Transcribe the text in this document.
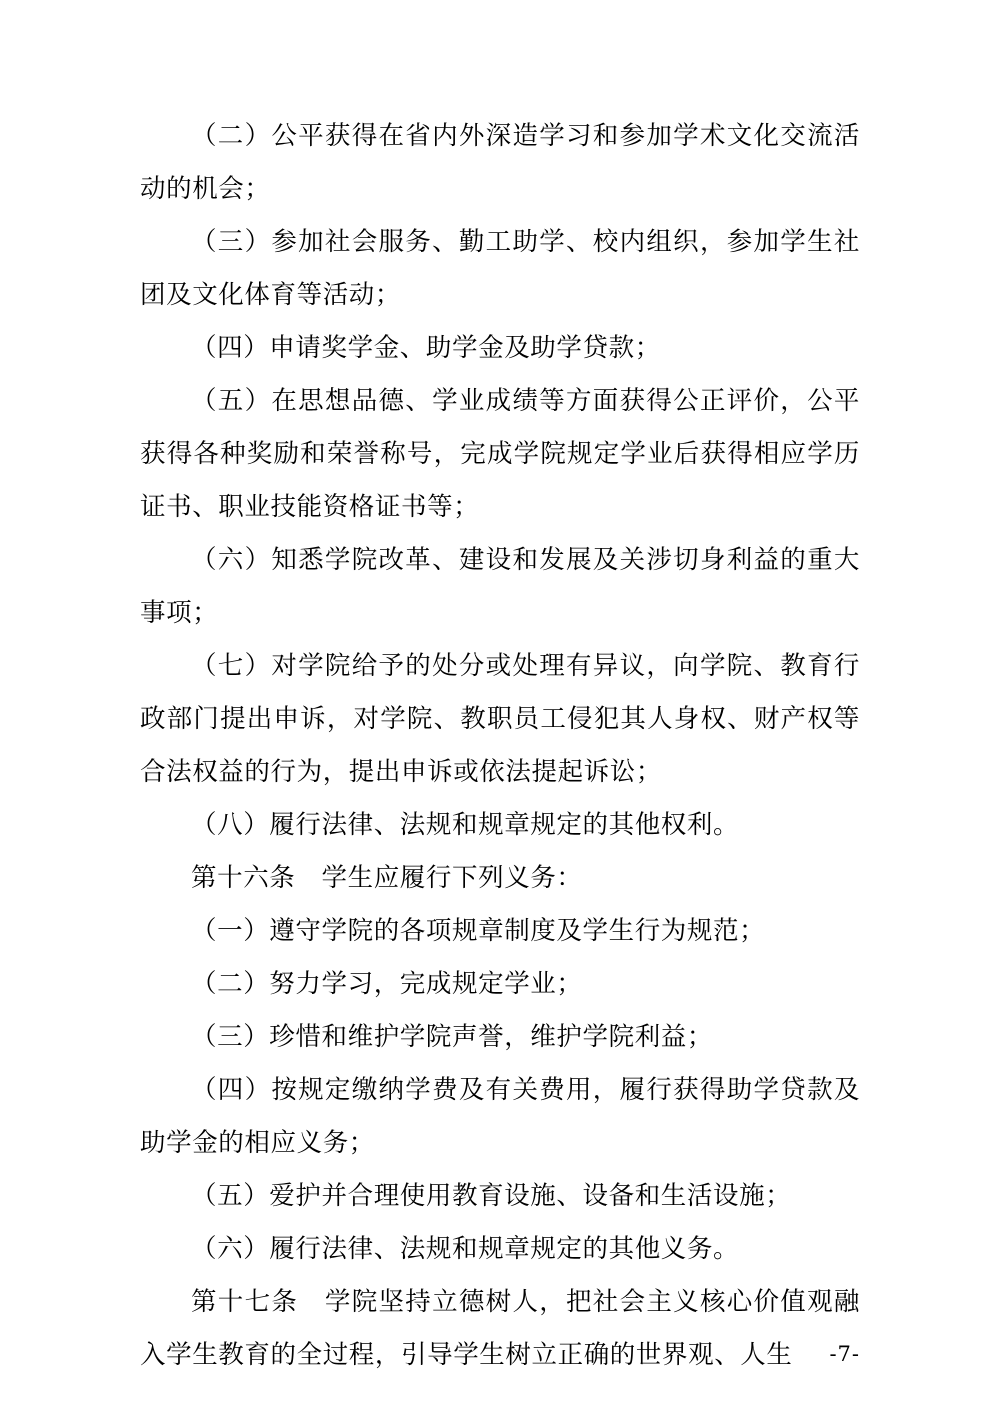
（二）公平获得在省内外深造学习和参加学术文化交流活动的机会；

（三）参加社会服务、勤工助学、校内组织，参加学生社团及文化体育等活动；

（四）申请奖学金、助学金及助学贷款；

（五）在思想品德、学业成绩等方面获得公正评价，公平获得各种奖励和荣誉称号，完成学院规定学业后获得相应学历证书、职业技能资格证书等；

（六）知悉学院改革、建设和发展及关涉切身利益的重大事项；

（七）对学院给予的处分或处理有异议，向学院、教育行政部门提出申诉，对学院、教职员工侵犯其人身权、财产权等合法权益的行为，提出申诉或依法提起诉讼；

（八）履行法律、法规和规章规定的其他权利。

第十六条　学生应履行下列义务：

（一）遵守学院的各项规章制度及学生行为规范；

（二）努力学习，完成规定学业；

（三）珍惜和维护学院声誉，维护学院利益；

（四）按规定缴纳学费及有关费用，履行获得助学贷款及助学金的相应义务；

（五）爱护并合理使用教育设施、设备和生活设施；

（六）履行法律、法规和规章规定的其他义务。

第十七条　学院坚持立德树人，把社会主义核心价值观融入学生教育的全过程，引导学生树立正确的世界观、人生	-7-
